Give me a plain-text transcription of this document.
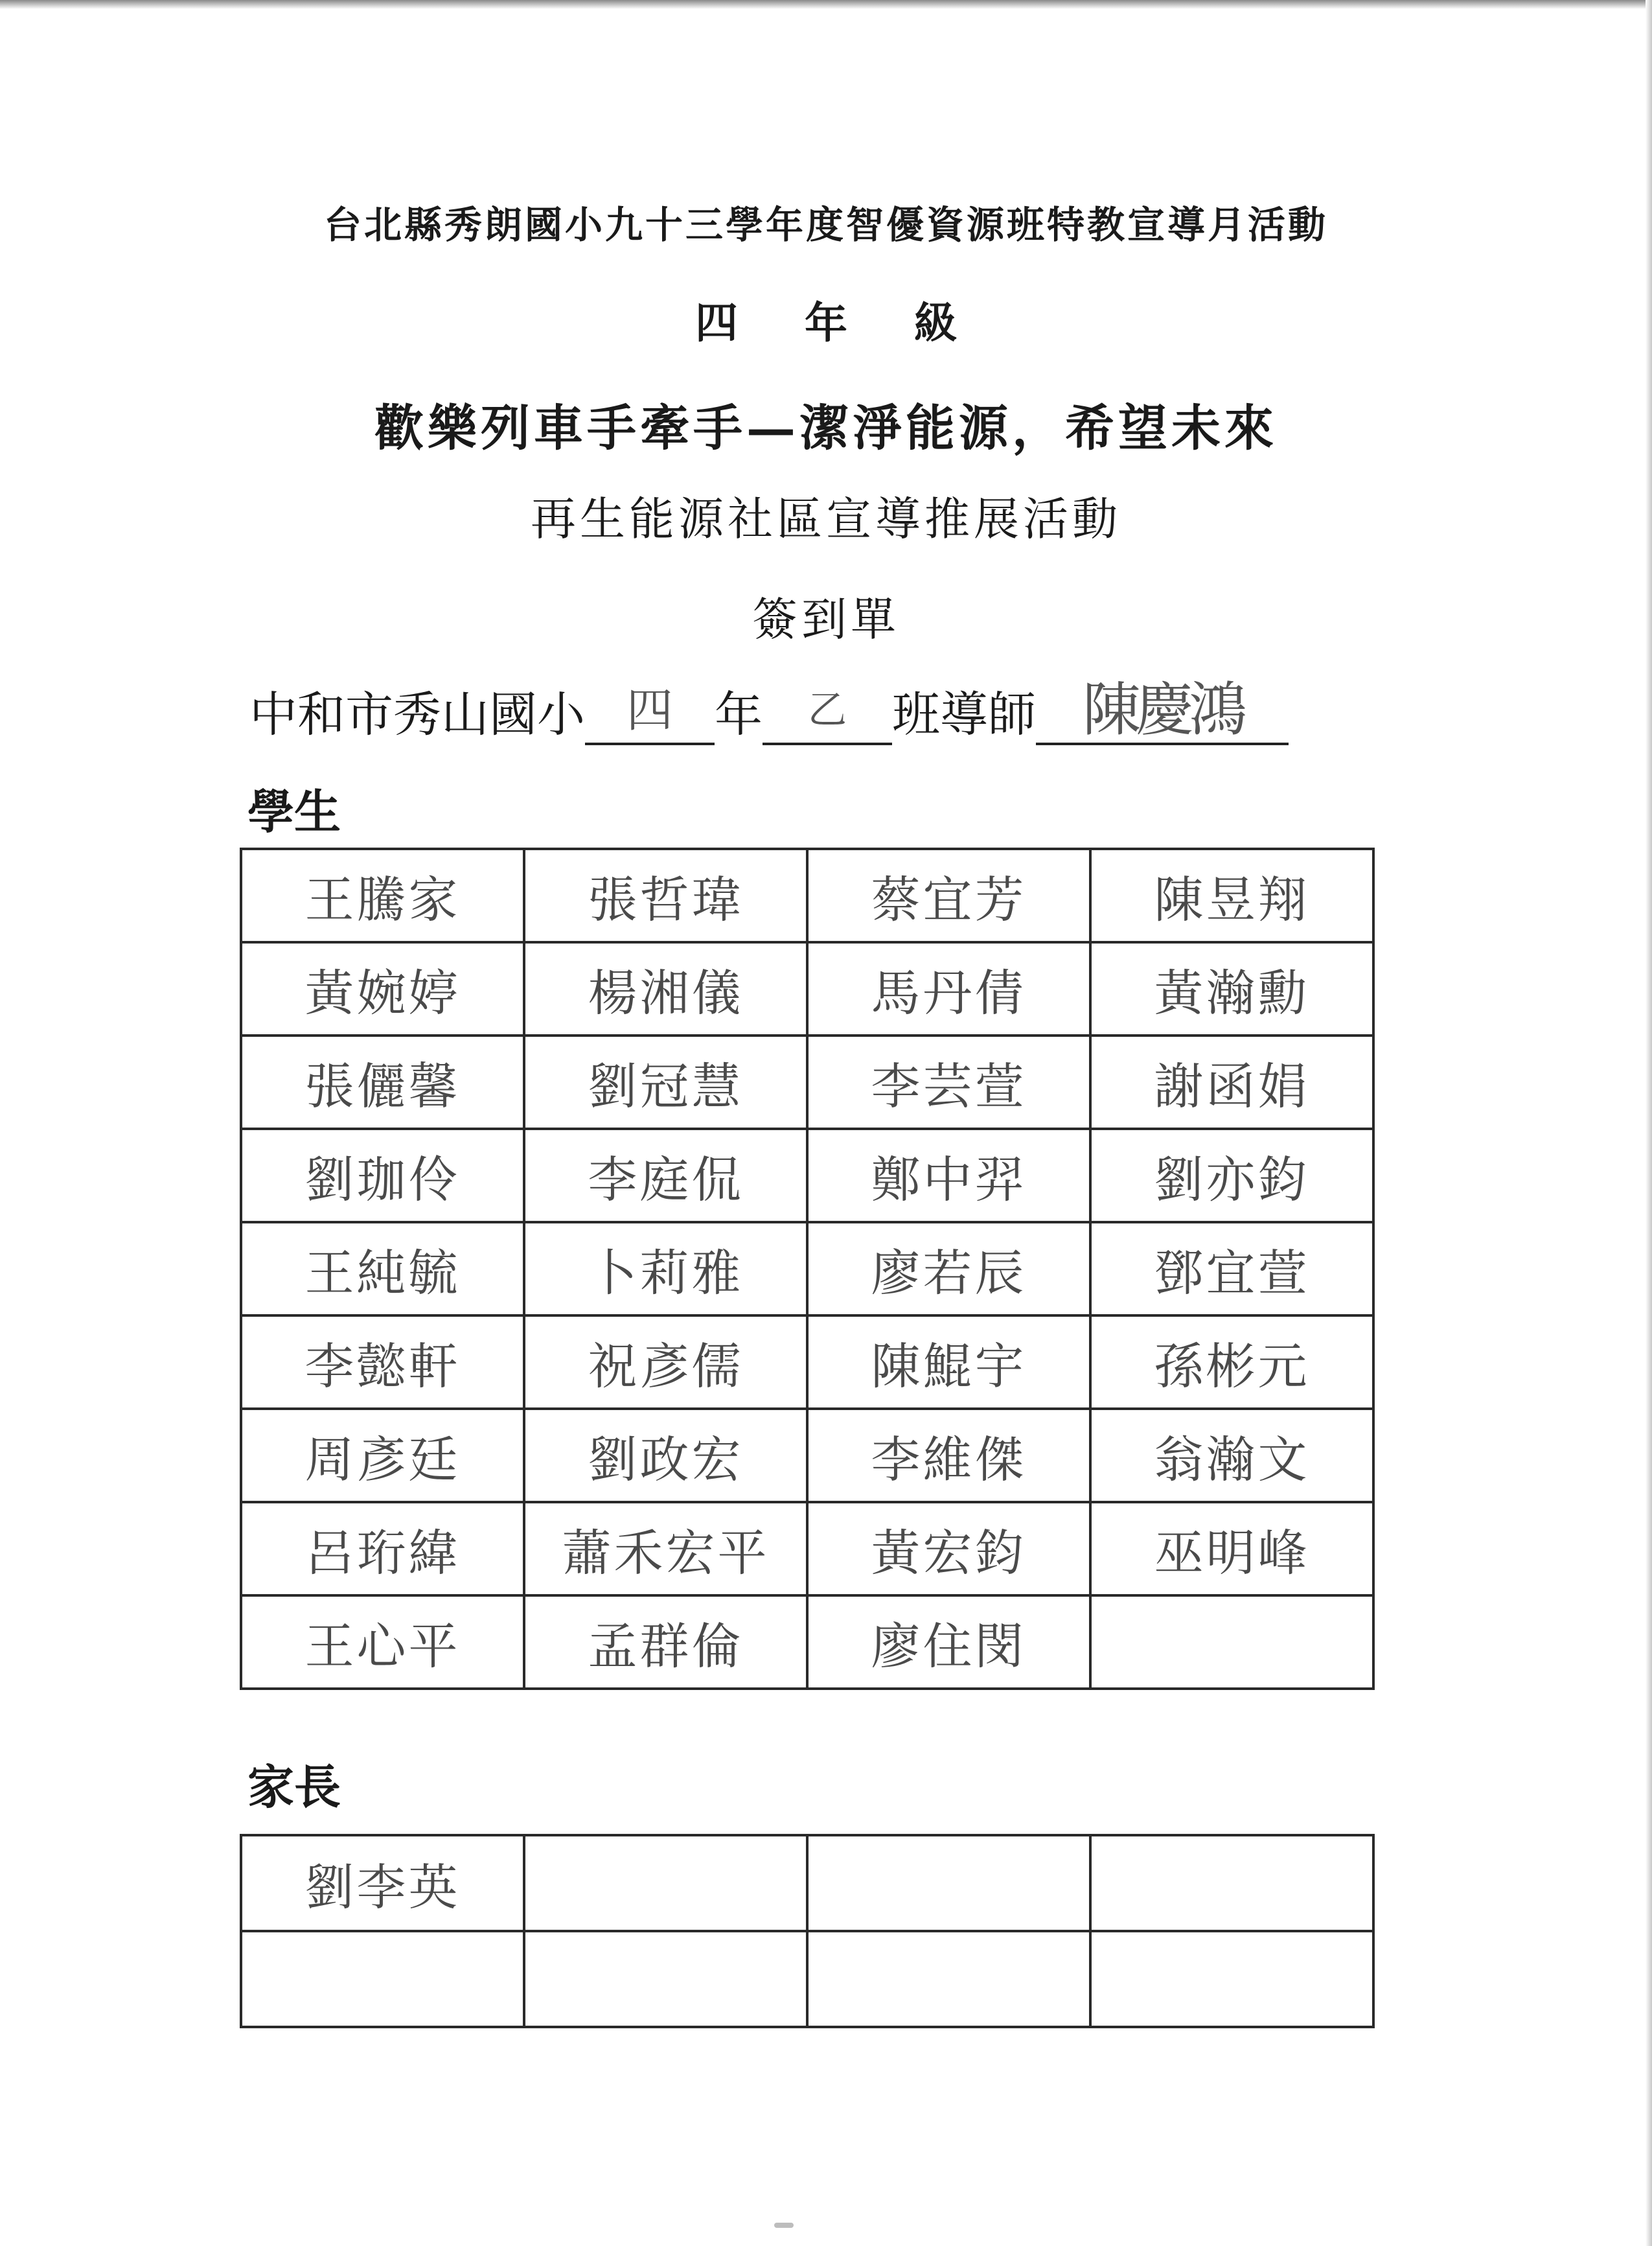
台北縣秀朗國小九十三學年度智優資源班特教宣導月活動
四 年 級
歡樂列車手牽手—潔淨能源，希望未來
再生能源社區宣導推展活動
簽到單
中和市秀山國小 四 年	乙 班導師 陳慶鴻
學生
王騰家	張哲瑋	蔡宜芳	陳昱翔
黃婉婷	楊湘儀	馬丹倩	黃瀚勳
張儷馨	劉冠慧	李芸萱	謝函娟
劉珈伶	李庭侃	鄭中羿	劉亦鈞
王純毓	卜莉雅	廖若辰	鄧宜萱
李懿軒	祝彥儒	陳鯤宇	孫彬元
周彥廷	劉政宏	李維傑	翁瀚文
呂珩緯	蕭禾宏平	黃宏鈞	巫明峰
王心平	孟群倫	廖住閔	
家長
劉李英			
